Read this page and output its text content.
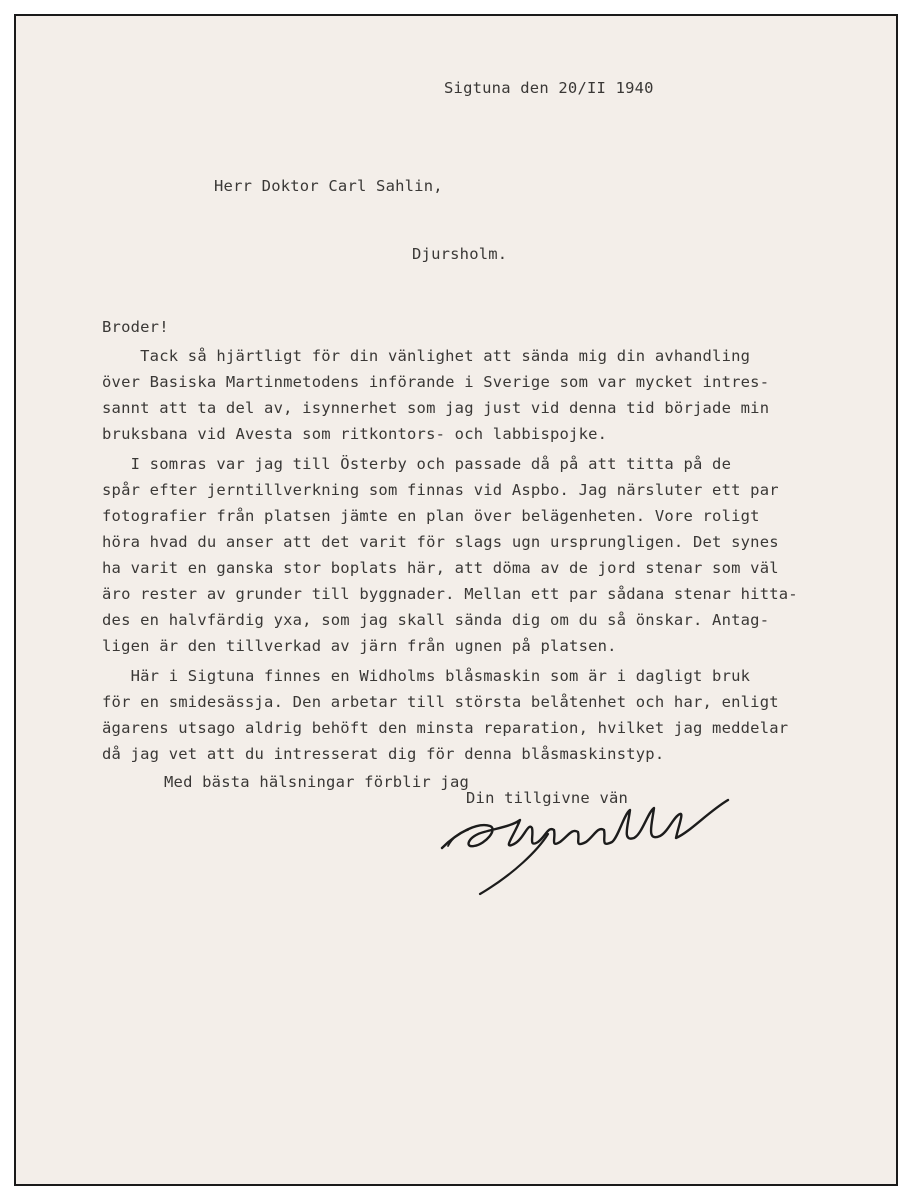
Sigtuna den 20/II 1940
Herr Doktor Carl Sahlin,
Djursholm.
Broder!
Tack så hjärtligt för din vänlighet att sända mig din avhandling
över Basiska Martinmetodens införande i Sverige som var mycket intres-
sannt att ta del av, isynnerhet som jag just vid denna tid började min
bruksbana vid Avesta som ritkontors- och labbispojke.
I somras var jag till Österby och passade då på att titta på de
spår efter jerntillverkning som finnas vid Aspbo. Jag närsluter ett par
fotografier från platsen jämte en plan över belägenheten. Vore roligt
höra hvad du anser att det varit för slags ugn ursprungligen. Det synes
ha varit en ganska stor boplats här, att döma av de jord stenar som väl
äro rester av grunder till byggnader. Mellan ett par sådana stenar hitta-
des en halvfärdig yxa, som jag skall sända dig om du så önskar. Antag-
ligen är den tillverkad av järn från ugnen på platsen.
Här i Sigtuna finnes en Widholms blåsmaskin som är i dagligt bruk
för en smidesässja. Den arbetar till största belåtenhet och har, enligt
ägarens utsago aldrig behöft den minsta reparation, hvilket jag meddelar
då jag vet att du intresserat dig för denna blåsmaskinstyp.
Med bästa hälsningar förblir jag
Din tillgivne vän
